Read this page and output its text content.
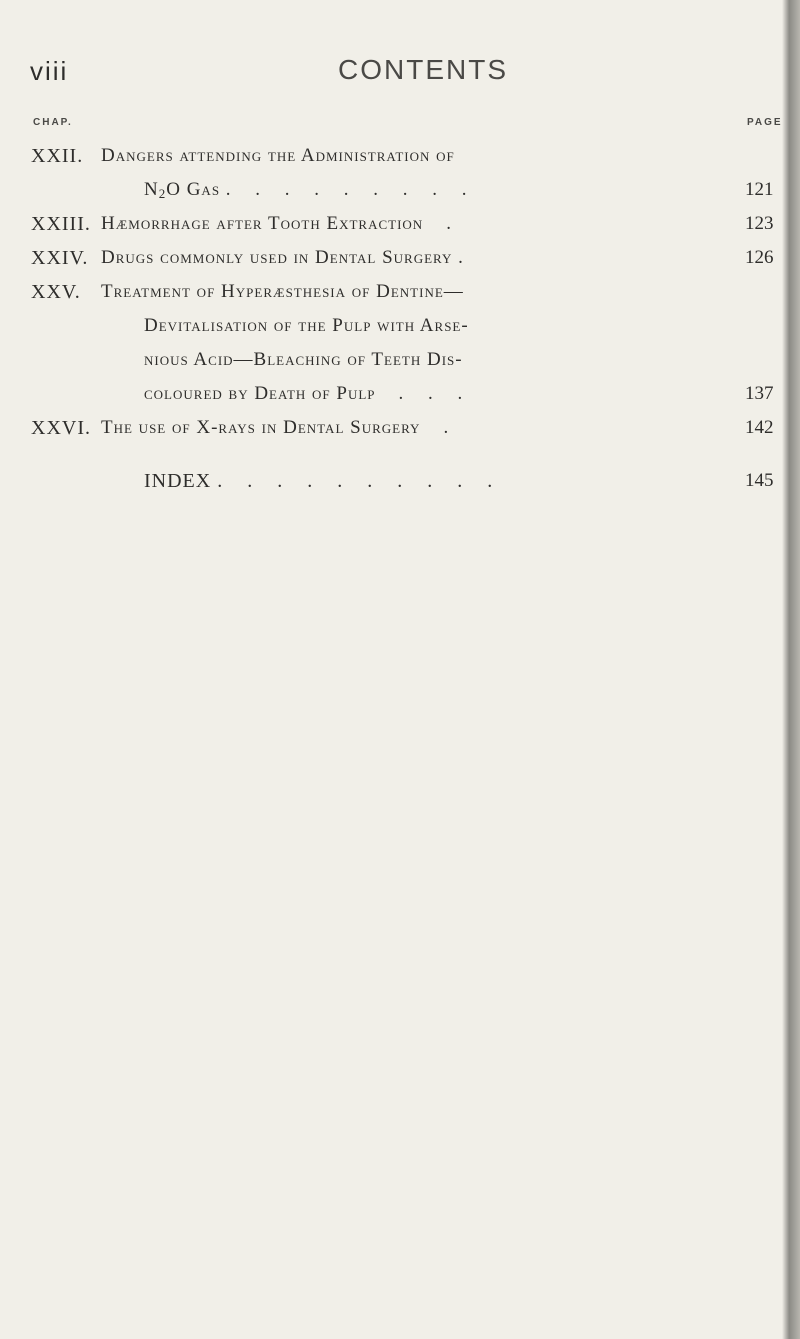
viii	CONTENTS
CHAP.	PAGE
XXII. Dangers attending the Administration of
$N_2O$ Gas . . . . . . . . .	121
XXIII. Hæmorrhage after Tooth Extraction .	123
XXIV. Drugs commonly used in Dental Surgery .	126
XXV. Treatment of Hyperæsthesia of Dentine—
Devitalisation of the Pulp with Arse-
nious Acid—Bleaching of Teeth Dis-
coloured by Death of Pulp . . .	137
XXVI. The use of X-rays in Dental Surgery .	142
INDEX . . . . . . . . . .	145
